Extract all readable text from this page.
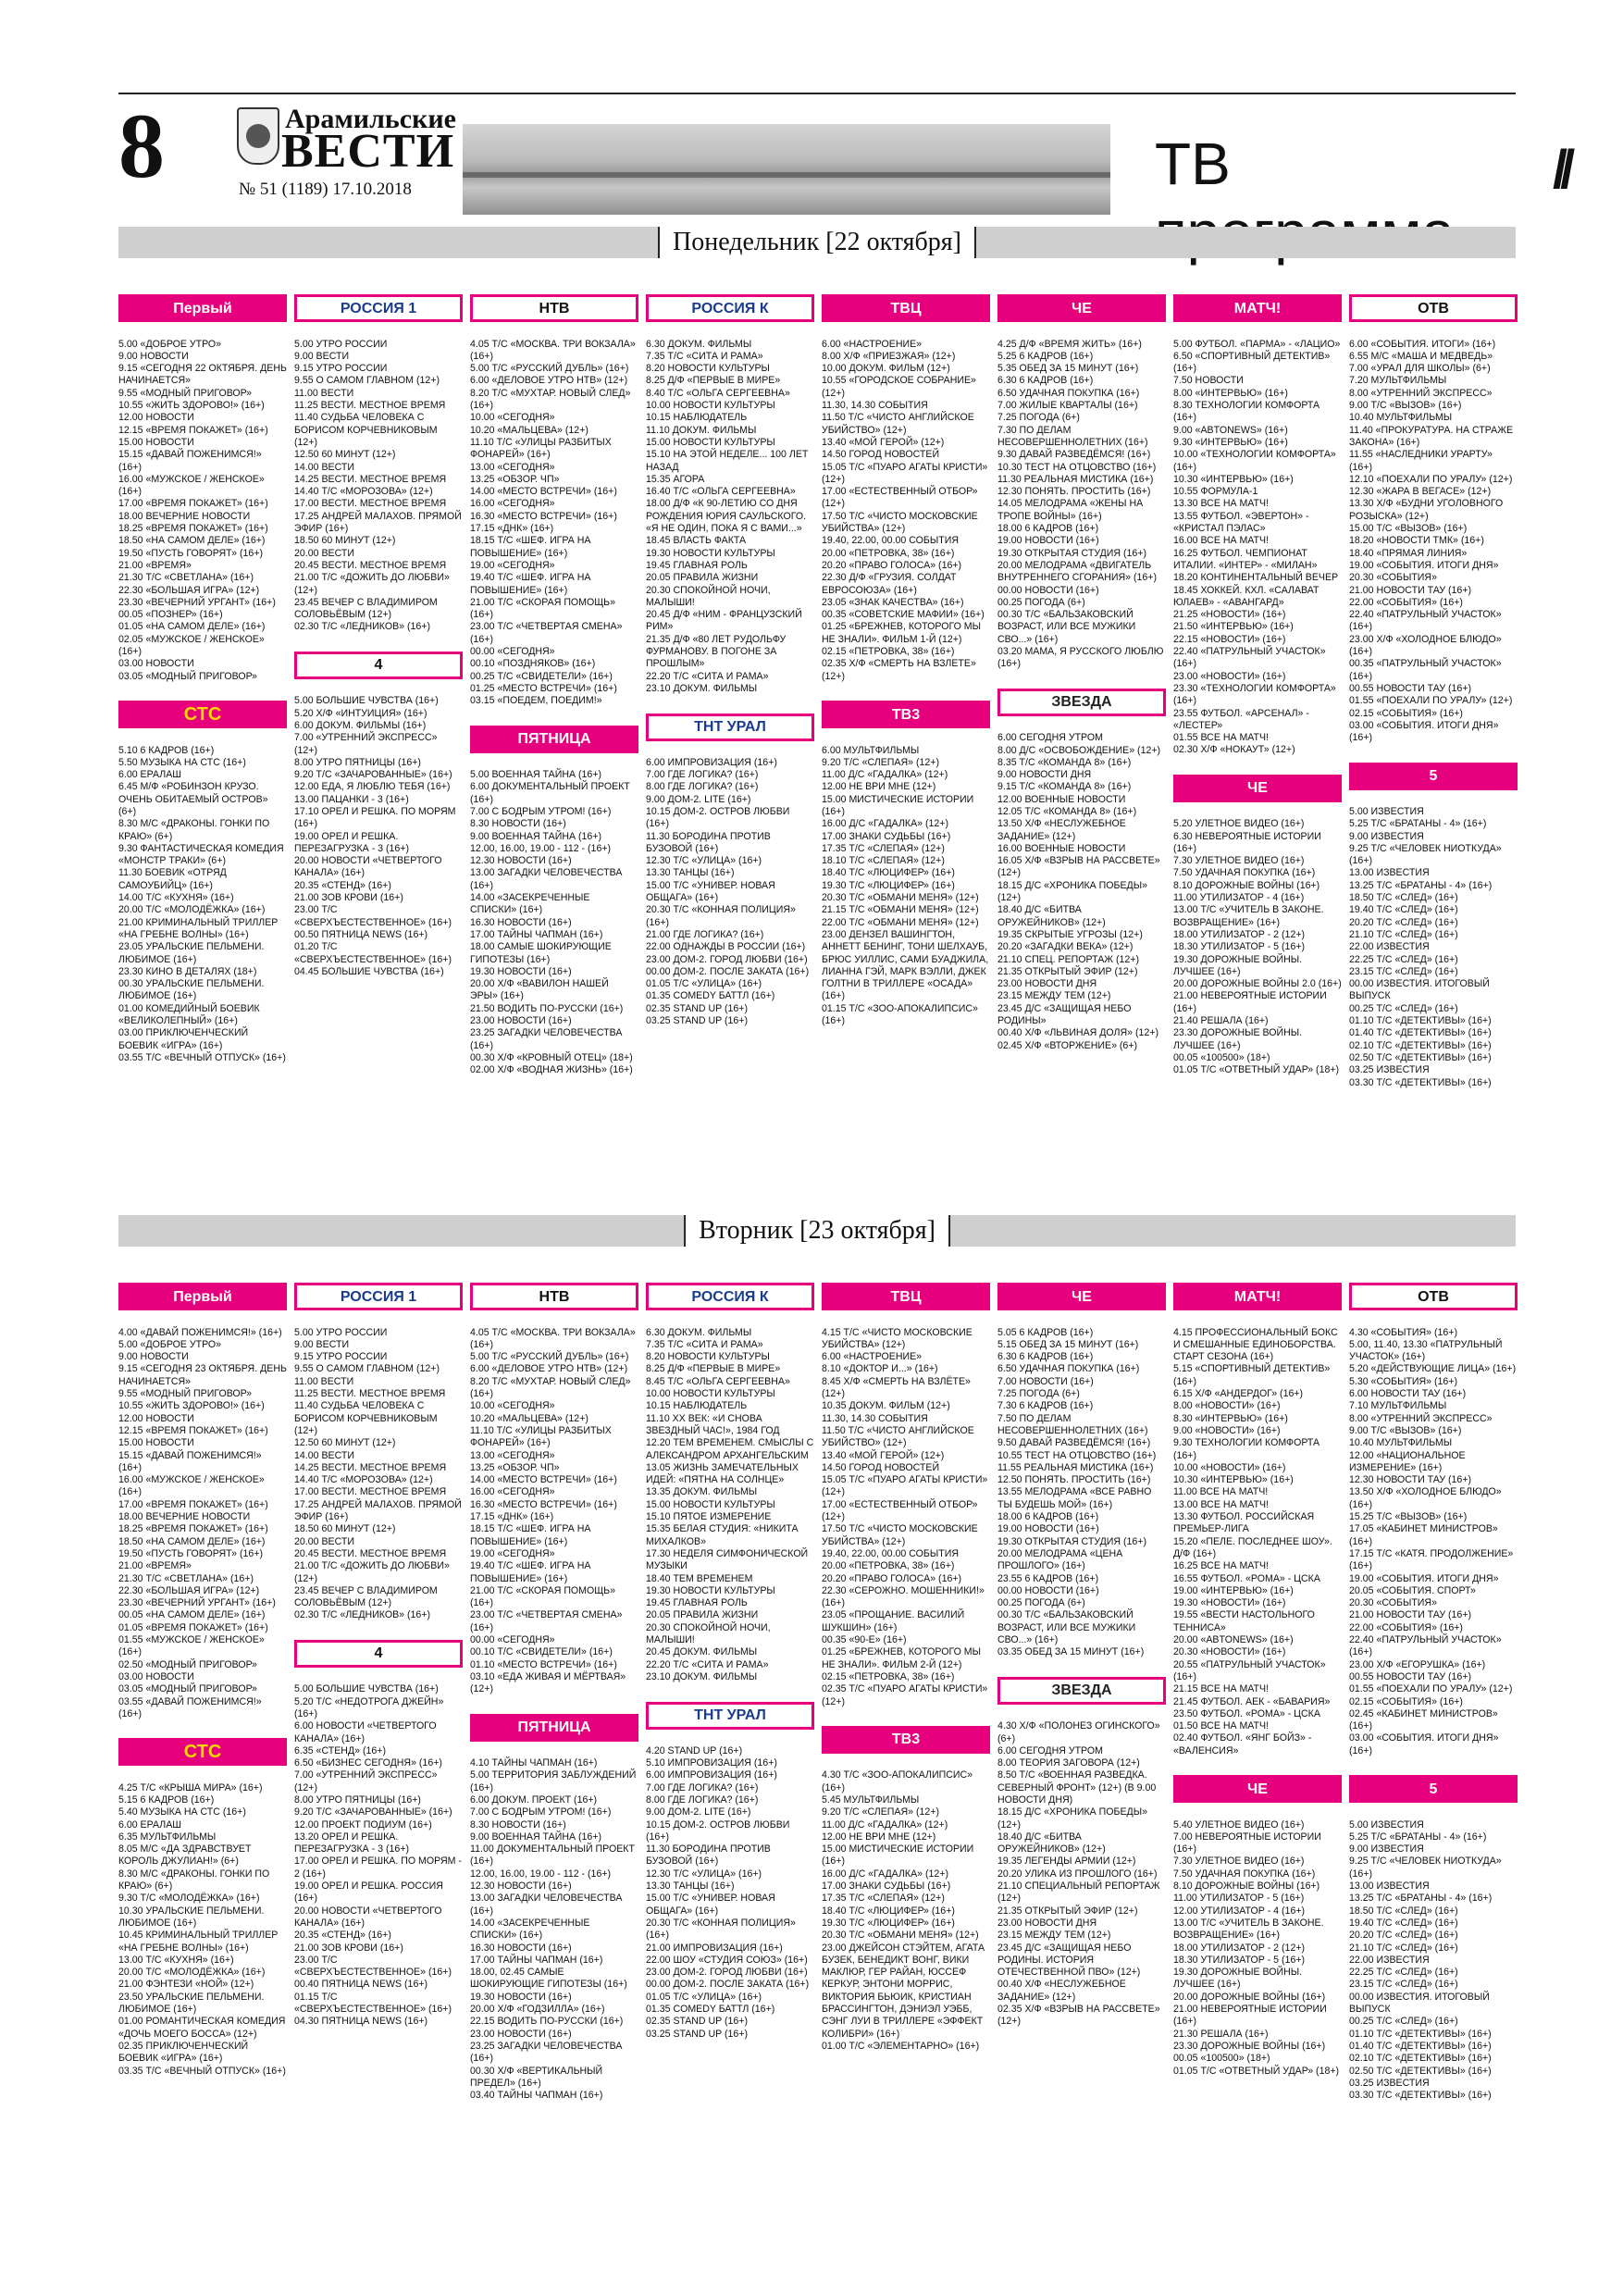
8	Арамильские
ВЕСТИ
№ 51 (1189) 17.10.2018	ТВ	//
Понедельник [22 октября]
Вторник [23 октября]

Первый

5.00 «ДОБРОЕ УТРО»
9.00 НОВОСТИ
9.15 «СЕГОДНЯ 22 ОКТЯБРЯ. ДЕНЬ НАЧИНАЕТСЯ»
9.55 «МОДНЫЙ ПРИГОВОР»
10.55 «ЖИТЬ ЗДОРОВО!» (16+)
12.00 НОВОСТИ
12.15 «ВРЕМЯ ПОКАЖЕТ» (16+)
15.00 НОВОСТИ
15.15 «ДАВАЙ ПОЖЕНИМСЯ!» (16+)
16.00 «МУЖСКОЕ / ЖЕНСКОЕ» (16+)
17.00 «ВРЕМЯ ПОКАЖЕТ» (16+)
18.00 ВЕЧЕРНИЕ НОВОСТИ
18.25 «ВРЕМЯ ПОКАЖЕТ» (16+)
18.50 «НА САМОМ ДЕЛЕ» (16+)
19.50 «ПУСТЬ ГОВОРЯТ» (16+)
21.00 «ВРЕМЯ»
21.30 Т/С «СВЕТЛАНА» (16+)
22.30 «БОЛЬШАЯ ИГРА» (12+)
23.30 «ВЕЧЕРНИЙ УРГАНТ» (16+)
00.05 «ПОЗНЕР» (16+)
01.05 «НА САМОМ ДЕЛЕ» (16+)
02.05 «МУЖСКОЕ / ЖЕНСКОЕ» (16+)
03.00 НОВОСТИ
03.05 «МОДНЫЙ ПРИГОВОР»

СТС

5.10 6 КАДРОВ (16+)
5.50 МУЗЫКА НА СТС (16+)
6.00 ЕРАЛАШ
6.45 М/Ф «РОБИНЗОН КРУЗО. ОЧЕНЬ ОБИТАЕМЫЙ ОСТРОВ» (6+)
8.30 М/С «ДРАКОНЫ. ГОНКИ ПО КРАЮ» (6+)
9.30 ФАНТАСТИЧЕСКАЯ КОМЕДИЯ «МОНСТР ТРАКИ» (6+)
11.30 БОЕВИК «ОТРЯД САМОУБИЙЦ» (16+)
14.00 Т/С «КУХНЯ» (16+)
20.00 Т/С «МОЛОДЁЖКА» (16+)
21.00 КРИМИНАЛЬНЫЙ ТРИЛЛЕР «НА ГРЕБНЕ ВОЛНЫ» (16+)
23.05 УРАЛЬСКИЕ ПЕЛЬМЕНИ. ЛЮБИМОЕ (16+)
23.30 КИНО В ДЕТАЛЯХ (18+)
00.30 УРАЛЬСКИЕ ПЕЛЬМЕНИ. ЛЮБИМОЕ (16+)
01.00 КОМЕДИЙНЫЙ БОЕВИК «ВЕЛИКОЛЕПНЫЙ» (16+)
03.00 ПРИКЛЮЧЕНЧЕСКИЙ БОЕВИК «ИГРА» (16+)
03.55 Т/С «ВЕЧНЫЙ ОТПУСК» (16+)

РОССИЯ 1

5.00 УТРО РОССИИ
9.00 ВЕСТИ
9.15 УТРО РОССИИ
9.55 О САМОМ ГЛАВНОМ (12+)
11.00 ВЕСТИ
11.25 ВЕСТИ. МЕСТНОЕ ВРЕМЯ
11.40 СУДЬБА ЧЕЛОВЕКА С БОРИСОМ КОРЧЕВНИКОВЫМ (12+)
12.50 60 МИНУТ (12+)
14.00 ВЕСТИ
14.25 ВЕСТИ. МЕСТНОЕ ВРЕМЯ
14.40 Т/С «МОРОЗОВА» (12+)
17.00 ВЕСТИ. МЕСТНОЕ ВРЕМЯ
17.25 АНДРЕЙ МАЛАХОВ. ПРЯМОЙ ЭФИР (16+)
18.50 60 МИНУТ (12+)
20.00 ВЕСТИ
20.45 ВЕСТИ. МЕСТНОЕ ВРЕМЯ
21.00 Т/С «ДОЖИТЬ ДО ЛЮБВИ» (12+)
23.45 ВЕЧЕР С ВЛАДИМИРОМ СОЛОВЬЁВЫМ (12+)
02.30 Т/С «ЛЕДНИКОВ» (16+)

4

5.00 БОЛЬШИЕ ЧУВСТВА (16+)
5.20 Х/Ф «ИНТУИЦИЯ» (16+)
6.00 ДОКУМ. ФИЛЬМЫ (16+)
7.00 «УТРЕННИЙ ЭКСПРЕСС» (12+)
8.00 УТРО ПЯТНИЦЫ (16+)
9.20 Т/С «ЗАЧАРОВАННЫЕ» (16+)
12.00 ЕДА, Я ЛЮБЛЮ ТЕБЯ (16+)
13.00 ПАЦАНКИ - 3 (16+)
17.10 ОРЕЛ И РЕШКА. ПО МОРЯМ (16+)
19.00 ОРЕЛ И РЕШКА. ПЕРЕЗАГРУЗКА - 3 (16+)
20.00 НОВОСТИ «ЧЕТВЕРТОГО КАНАЛА» (16+)
20.35 «СТЕНД» (16+)
21.00 ЗОВ КРОВИ (16+)
23.00 Т/С «СВЕРХЪЕСТЕСТВЕННОЕ» (16+)
00.50 ПЯТНИЦА NEWS (16+)
01.20 Т/С «СВЕРХЪЕСТЕСТВЕННОЕ» (16+)
04.45 БОЛЬШИЕ ЧУВСТВА (16+)

НТВ

4.05 Т/С «МОСКВА. ТРИ ВОКЗАЛА» (16+)
5.00 Т/С «РУССКИЙ ДУБЛЬ» (16+)
6.00 «ДЕЛОВОЕ УТРО НТВ» (12+)
8.20 Т/С «МУХТАР. НОВЫЙ СЛЕД» (16+)
10.00 «СЕГОДНЯ»
10.20 «МАЛЬЦЕВА» (12+)
11.10 Т/С «УЛИЦЫ РАЗБИТЫХ ФОНАРЕЙ» (16+)
13.00 «СЕГОДНЯ»
13.25 «ОБЗОР. ЧП»
14.00 «МЕСТО ВСТРЕЧИ» (16+)
16.00 «СЕГОДНЯ»
16.30 «МЕСТО ВСТРЕЧИ» (16+)
17.15 «ДНК» (16+)
18.15 Т/С «ШЕФ. ИГРА НА ПОВЫШЕНИЕ» (16+)
19.00 «СЕГОДНЯ»
19.40 Т/С «ШЕФ. ИГРА НА ПОВЫШЕНИЕ» (16+)
21.00 Т/С «СКОРАЯ ПОМОЩЬ» (16+)
23.00 Т/С «ЧЕТВЕРТАЯ СМЕНА» (16+)
00.00 «СЕГОДНЯ»
00.10 «ПОЗДНЯКОВ» (16+)
00.25 Т/С «СВИДЕТЕЛИ» (16+)
01.25 «МЕСТО ВСТРЕЧИ» (16+)
03.15 «ПОЕДЕМ, ПОЕДИМ!»

ПЯТНИЦА

5.00 ВОЕННАЯ ТАЙНА (16+)
6.00 ДОКУМЕНТАЛЬНЫЙ ПРОЕКТ (16+)
7.00 С БОДРЫМ УТРОМ! (16+)
8.30 НОВОСТИ (16+)
9.00 ВОЕННАЯ ТАЙНА (16+)
12.00, 16.00, 19.00 - 112 - (16+)
12.30 НОВОСТИ (16+)
13.00 ЗАГАДКИ ЧЕЛОВЕЧЕСТВА (16+)
14.00 «ЗАСЕКРЕЧЕННЫЕ СПИСКИ» (16+)
16.30 НОВОСТИ (16+)
17.00 ТАЙНЫ ЧАПМАН (16+)
18.00 САМЫЕ ШОКИРУЮЩИЕ ГИПОТЕЗЫ (16+)
19.30 НОВОСТИ (16+)
20.00 Х/Ф «ВАВИЛОН НАШЕЙ ЭРЫ» (16+)
21.50 ВОДИТЬ ПО-РУССКИ (16+)
23.00 НОВОСТИ (16+)
23.25 ЗАГАДКИ ЧЕЛОВЕЧЕСТВА (16+)
00.30 Х/Ф «КРОВНЫЙ ОТЕЦ» (18+)
02.00 Х/Ф «ВОДНАЯ ЖИЗНЬ» (16+)

РОССИЯ К

6.30 ДОКУМ. ФИЛЬМЫ
7.35 Т/С «СИТА И РАМА»
8.20 НОВОСТИ КУЛЬТУРЫ
8.25 Д/Ф «ПЕРВЫЕ В МИРЕ»
8.40 Т/С «ОЛЬГА СЕРГЕЕВНА»
10.00 НОВОСТИ КУЛЬТУРЫ
10.15 НАБЛЮДАТЕЛЬ
11.10 ДОКУМ. ФИЛЬМЫ
15.00 НОВОСТИ КУЛЬТУРЫ
15.10 НА ЭТОЙ НЕДЕЛЕ... 100 ЛЕТ НАЗАД
15.35 АГОРА
16.40 Т/С «ОЛЬГА СЕРГЕЕВНА»
18.00 Д/Ф «К 90-ЛЕТИЮ СО ДНЯ РОЖДЕНИЯ ЮРИЯ САУЛЬСКОГО. «Я НЕ ОДИН, ПОКА Я С ВАМИ...»
18.45 ВЛАСТЬ ФАКТА
19.30 НОВОСТИ КУЛЬТУРЫ
19.45 ГЛАВНАЯ РОЛЬ
20.05 ПРАВИЛА ЖИЗНИ
20.30 СПОКОЙНОЙ НОЧИ, МАЛЫШИ!
20.45 Д/Ф «НИМ - ФРАНЦУЗСКИЙ РИМ»
21.35 Д/Ф «80 ЛЕТ РУДОЛЬФУ ФУРМАНОВУ. В ПОГОНЕ ЗА ПРОШЛЫМ»
22.20 Т/С «СИТА И РАМА»
23.10 ДОКУМ. ФИЛЬМЫ

ТНТ УРАЛ

6.00 ИМПРОВИЗАЦИЯ (16+)
7.00 ГДЕ ЛОГИКА? (16+)
8.00 ГДЕ ЛОГИКА? (16+)
9.00 ДОМ-2. LITE (16+)
10.15 ДОМ-2. ОСТРОВ ЛЮБВИ (16+)
11.30 БОРОДИНА ПРОТИВ БУЗОВОЙ (16+)
12.30 Т/С «УЛИЦА» (16+)
13.30 ТАНЦЫ (16+)
15.00 Т/С «УНИВЕР. НОВАЯ ОБЩАГА» (16+)
20.30 Т/С «КОННАЯ ПОЛИЦИЯ» (16+)
21.00 ГДЕ ЛОГИКА? (16+)
22.00 ОДНАЖДЫ В РОССИИ (16+)
23.00 ДОМ-2. ГОРОД ЛЮБВИ (16+)
00.00 ДОМ-2. ПОСЛЕ ЗАКАТА (16+)
01.05 Т/С «УЛИЦА» (16+)
01.35 COMEDY БАТТЛ (16+)
02.35 STAND UP (16+)
03.25 STAND UP (16+)

ТВЦ

6.00 «НАСТРОЕНИЕ»
8.00 Х/Ф «ПРИЕЗЖАЯ» (12+)
10.00 ДОКУМ. ФИЛЬМ (12+)
10.55 «ГОРОДСКОЕ СОБРАНИЕ» (12+)
11.30, 14.30 СОБЫТИЯ
11.50 Т/С «ЧИСТО АНГЛИЙСКОЕ УБИЙСТВО» (12+)
13.40 «МОЙ ГЕРОЙ» (12+)
14.50 ГОРОД НОВОСТЕЙ
15.05 Т/С «ПУАРО АГАТЫ КРИСТИ» (12+)
17.00 «ЕСТЕСТВЕННЫЙ ОТБОР» (12+)
17.50 Т/С «ЧИСТО МОСКОВСКИЕ УБИЙСТВА» (12+)
19.40, 22.00, 00.00 СОБЫТИЯ
20.00 «ПЕТРОВКА, 38» (16+)
20.20 «ПРАВО ГОЛОСА» (16+)
22.30 Д/Ф «ГРУЗИЯ. СОЛДАТ ЕВРОСОЮЗА» (16+)
23.05 «ЗНАК КАЧЕСТВА» (16+)
00.35 «СОВЕТСКИЕ МАФИИ» (16+)
01.25 «БРЕЖНЕВ, КОТОРОГО МЫ НЕ ЗНАЛИ». ФИЛЬМ 1-Й (12+)
02.15 «ПЕТРОВКА, 38» (16+)
02.35 Х/Ф «СМЕРТЬ НА ВЗЛЕТЕ» (12+)

ТВ3

6.00 МУЛЬТФИЛЬМЫ
9.20 Т/С «СЛЕПАЯ» (12+)
11.00 Д/С «ГАДАЛКА» (12+)
12.00 НЕ ВРИ МНЕ (12+)
15.00 МИСТИЧЕСКИЕ ИСТОРИИ (16+)
16.00 Д/С «ГАДАЛКА» (12+)
17.00 ЗНАКИ СУДЬБЫ (16+)
17.35 Т/С «СЛЕПАЯ» (12+)
18.10 Т/С «СЛЕПАЯ» (12+)
18.40 Т/С «ЛЮЦИФЕР» (16+)
19.30 Т/С «ЛЮЦИФЕР» (16+)
20.30 Т/С «ОБМАНИ МЕНЯ» (12+)
21.15 Т/С «ОБМАНИ МЕНЯ» (12+)
22.00 Т/С «ОБМАНИ МЕНЯ» (12+)
23.00 ДЕНЗЕЛ ВАШИНГТОН, АННЕТТ БЕНИНГ, ТОНИ ШЕЛХАУБ, БРЮС УИЛЛИС, САМИ БУАДЖИЛА, ЛИАННА ГЭЙ, МАРК ВЭЛЛИ, ДЖЕК ГОЛТНИ В ТРИЛЛЕРЕ «ОСАДА» (16+)
01.15 Т/С «ЗОО-АПОКАЛИПСИС» (16+)

ЧЕ

4.25 Д/Ф «ВРЕМЯ ЖИТЬ» (16+)
5.25 6 КАДРОВ (16+)
5.35 ОБЕД ЗА 15 МИНУТ (16+)
6.30 6 КАДРОВ (16+)
6.50 УДАЧНАЯ ПОКУПКА (16+)
7.00 ЖИЛЫЕ КВАРТАЛЫ (16+)
7.25 ПОГОДА (6+)
7.30 ПО ДЕЛАМ НЕСОВЕРШЕННОЛЕТНИХ (16+)
9.30 ДАВАЙ РАЗВЕДЁМСЯ! (16+)
10.30 ТЕСТ НА ОТЦОВСТВО (16+)
11.30 РЕАЛЬНАЯ МИСТИКА (16+)
12.30 ПОНЯТЬ. ПРОСТИТЬ (16+)
14.05 МЕЛОДРАМА «ЖЕНЫ НА ТРОПЕ ВОЙНЫ» (16+)
18.00 6 КАДРОВ (16+)
19.00 НОВОСТИ (16+)
19.30 ОТКРЫТАЯ СТУДИЯ (16+)
20.00 МЕЛОДРАМА «ДВИГАТЕЛЬ ВНУТРЕННЕГО СГОРАНИЯ» (16+)
00.00 НОВОСТИ (16+)
00.25 ПОГОДА (6+)
00.30 Т/С «БАЛЬЗАКОВСКИЙ ВОЗРАСТ, ИЛИ ВСЕ МУЖИКИ СВО...» (16+)
03.20 МАМА, Я РУССКОГО ЛЮБЛЮ (16+)

ЗВЕЗДА

6.00 СЕГОДНЯ УТРОМ
8.00 Д/С «ОСВОБОЖДЕНИЕ» (12+)
8.35 Т/С «КОМАНДА 8» (16+)
9.00 НОВОСТИ ДНЯ
9.15 Т/С «КОМАНДА 8» (16+)
12.00 ВОЕННЫЕ НОВОСТИ
12.05 Т/С «КОМАНДА 8» (16+)
13.50 Х/Ф «НЕСЛУЖЕБНОЕ ЗАДАНИЕ» (12+)
16.00 ВОЕННЫЕ НОВОСТИ
16.05 Х/Ф «ВЗРЫВ НА РАССВЕТЕ» (12+)
18.15 Д/С «ХРОНИКА ПОБЕДЫ» (12+)
18.40 Д/С «БИТВА ОРУЖЕЙНИКОВ» (12+)
19.35 СКРЫТЫЕ УГРОЗЫ (12+)
20.20 «ЗАГАДКИ ВЕКА» (12+)
21.10 СПЕЦ. РЕПОРТАЖ (12+)
21.35 ОТКРЫТЫЙ ЭФИР (12+)
23.00 НОВОСТИ ДНЯ
23.15 МЕЖДУ ТЕМ (12+)
23.45 Д/С «ЗАЩИЩАЯ НЕБО РОДИНЫ»
00.40 Х/Ф «ЛЬВИНАЯ ДОЛЯ» (12+)
02.45 Х/Ф «ВТОРЖЕНИЕ» (6+)

МАТЧ!

5.00 ФУТБОЛ. «ПАРМА» - «ЛАЦИО»
6.50 «СПОРТИВНЫЙ ДЕТЕКТИВ» (16+)
7.50 НОВОСТИ
8.00 «ИНТЕРВЬЮ» (16+)
8.30 ТЕХНОЛОГИИ КОМФОРТА (16+)
9.00 «ABTONEWS» (16+)
9.30 «ИНТЕРВЬЮ» (16+)
10.00 «ТЕХНОЛОГИИ КОМФОРТА» (16+)
10.30 «ИНТЕРВЬЮ» (16+)
10.55 ФОРМУЛА-1
13.30 ВСЕ НА МАТЧ!
13.55 ФУТБОЛ. «ЭВЕРТОН» - «КРИСТАЛ ПЭЛАС»
16.00 ВСЕ НА МАТЧ!
16.25 ФУТБОЛ. ЧЕМПИОНАТ ИТАЛИИ. «ИНТЕР» - «МИЛАН»
18.20 КОНТИНЕНТАЛЬНЫЙ ВЕЧЕР
18.45 ХОККЕЙ. КХЛ. «САЛАВАТ ЮЛАЕВ» - «АВАНГАРД»
21.25 «НОВОСТИ» (16+)
21.50 «ИНТЕРВЬЮ» (16+)
22.15 «НОВОСТИ» (16+)
22.40 «ПАТРУЛЬНЫЙ УЧАСТОК» (16+)
23.00 «НОВОСТИ» (16+)
23.30 «ТЕХНОЛОГИИ КОМФОРТА» (16+)
23.55 ФУТБОЛ. «АРСЕНАЛ» - «ЛЕСТЕР»
01.55 ВСЕ НА МАТЧ!
02.30 Х/Ф «НОКАУТ» (12+)

ЧЕ

5.20 УЛЕТНОЕ ВИДЕО (16+)
6.30 НЕВЕРОЯТНЫЕ ИСТОРИИ (16+)
7.30 УЛЕТНОЕ ВИДЕО (16+)
7.50 УДАЧНАЯ ПОКУПКА (16+)
8.10 ДОРОЖНЫЕ ВОЙНЫ (16+)
11.00 УТИЛИЗАТОР - 4 (16+)
13.00 Т/С «УЧИТЕЛЬ В ЗАКОНЕ. ВОЗВРАЩЕНИЕ» (16+)
18.00 УТИЛИЗАТОР - 2 (12+)
18.30 УТИЛИЗАТОР - 5 (16+)
19.30 ДОРОЖНЫЕ ВОЙНЫ. ЛУЧШЕЕ (16+)
20.00 ДОРОЖНЫЕ ВОЙНЫ 2.0 (16+)
21.00 НЕВЕРОЯТНЫЕ ИСТОРИИ (16+)
21.40 РЕШАЛА (16+)
23.30 ДОРОЖНЫЕ ВОЙНЫ. ЛУЧШЕЕ (16+)
00.05 «100500» (18+)
01.05 Т/С «ОТВЕТНЫЙ УДАР» (18+)

ОТВ

6.00 «СОБЫТИЯ. ИТОГИ» (16+)
6.55 М/С «МАША И МЕДВЕДЬ»
7.00 «УРАЛ ДЛЯ ШКОЛЫ» (6+)
7.20 МУЛЬТФИЛЬМЫ
8.00 «УТРЕННИЙ ЭКСПРЕСС»
9.00 Т/С «ВЫЗОВ» (16+)
10.40 МУЛЬТФИЛЬМЫ
11.40 «ПРОКУРАТУРА. НА СТРАЖЕ ЗАКОНА» (16+)
11.55 «НАСЛЕДНИКИ УРАРТУ» (16+)
12.10 «ПОЕХАЛИ ПО УРАЛУ» (12+)
12.30 «ЖАРА В ВЕГАСЕ» (12+)
13.30 Х/Ф «БУДНИ УГОЛОВНОГО РОЗЫСКА» (12+)
15.00 Т/С «ВЫЗОВ» (16+)
18.20 «НОВОСТИ ТМК» (16+)
18.40 «ПРЯМАЯ ЛИНИЯ»
19.00 «СОБЫТИЯ. ИТОГИ ДНЯ»
20.30 «СОБЫТИЯ»
21.00 НОВОСТИ ТАУ (16+)
22.00 «СОБЫТИЯ» (16+)
22.40 «ПАТРУЛЬНЫЙ УЧАСТОК» (16+)
23.00 Х/Ф «ХОЛОДНОЕ БЛЮДО» (16+)
00.35 «ПАТРУЛЬНЫЙ УЧАСТОК» (16+)
00.55 НОВОСТИ ТАУ (16+)
01.55 «ПОЕХАЛИ ПО УРАЛУ» (12+)
02.15 «СОБЫТИЯ» (16+)
03.00 «СОБЫТИЯ. ИТОГИ ДНЯ» (16+)

5

5.00 ИЗВЕСТИЯ
5.25 Т/С «БРАТАНЫ - 4» (16+)
9.00 ИЗВЕСТИЯ
9.25 Т/С «ЧЕЛОВЕК НИОТКУДА» (16+)
13.00 ИЗВЕСТИЯ
13.25 Т/С «БРАТАНЫ - 4» (16+)
18.50 Т/С «СЛЕД» (16+)
19.40 Т/С «СЛЕД» (16+)
20.20 Т/С «СЛЕД» (16+)
21.10 Т/С «СЛЕД» (16+)
22.00 ИЗВЕСТИЯ
22.25 Т/С «СЛЕД» (16+)
23.15 Т/С «СЛЕД» (16+)
00.00 ИЗВЕСТИЯ. ИТОГОВЫЙ ВЫПУСК
00.25 Т/С «СЛЕД» (16+)
01.10 Т/С «ДЕТЕКТИВЫ» (16+)
01.40 Т/С «ДЕТЕКТИВЫ» (16+)
02.10 Т/С «ДЕТЕКТИВЫ» (16+)
02.50 Т/С «ДЕТЕКТИВЫ» (16+)
03.25 ИЗВЕСТИЯ
03.30 Т/С «ДЕТЕКТИВЫ» (16+)

Первый

4.00 «ДАВАЙ ПОЖЕНИМСЯ!» (16+)
5.00 «ДОБРОЕ УТРО»
9.00 НОВОСТИ
9.15 «СЕГОДНЯ 23 ОКТЯБРЯ. ДЕНЬ НАЧИНАЕТСЯ»
9.55 «МОДНЫЙ ПРИГОВОР»
10.55 «ЖИТЬ ЗДОРОВО!» (16+)
12.00 НОВОСТИ
12.15 «ВРЕМЯ ПОКАЖЕТ» (16+)
15.00 НОВОСТИ
15.15 «ДАВАЙ ПОЖЕНИМСЯ!» (16+)
16.00 «МУЖСКОЕ / ЖЕНСКОЕ» (16+)
17.00 «ВРЕМЯ ПОКАЖЕТ» (16+)
18.00 ВЕЧЕРНИЕ НОВОСТИ
18.25 «ВРЕМЯ ПОКАЖЕТ» (16+)
18.50 «НА САМОМ ДЕЛЕ» (16+)
19.50 «ПУСТЬ ГОВОРЯТ» (16+)
21.00 «ВРЕМЯ»
21.30 Т/С «СВЕТЛАНА» (16+)
22.30 «БОЛЬШАЯ ИГРА» (12+)
23.30 «ВЕЧЕРНИЙ УРГАНТ» (16+)
00.05 «НА САМОМ ДЕЛЕ» (16+)
01.05 «ВРЕМЯ ПОКАЖЕТ» (16+)
01.55 «МУЖСКОЕ / ЖЕНСКОЕ» (16+)
02.50 «МОДНЫЙ ПРИГОВОР»
03.00 НОВОСТИ
03.05 «МОДНЫЙ ПРИГОВОР»
03.55 «ДАВАЙ ПОЖЕНИМСЯ!» (16+)

СТС

4.25 Т/С «КРЫША МИРА» (16+)
5.15 6 КАДРОВ (16+)
5.40 МУЗЫКА НА СТС (16+)
6.00 ЕРАЛАШ
6.35 МУЛЬТФИЛЬМЫ
8.05 М/С «ДА ЗДРАВСТВУЕТ КОРОЛЬ ДЖУЛИАН!» (6+)
8.30 М/С «ДРАКОНЫ. ГОНКИ ПО КРАЮ» (6+)
9.30 Т/С «МОЛОДЁЖКА» (16+)
10.30 УРАЛЬСКИЕ ПЕЛЬМЕНИ. ЛЮБИМОЕ (16+)
10.45 КРИМИНАЛЬНЫЙ ТРИЛЛЕР «НА ГРЕБНЕ ВОЛНЫ» (16+)
13.00 Т/С «КУХНЯ» (16+)
20.00 Т/С «МОЛОДЁЖКА» (16+)
21.00 ФЭНТЕЗИ «НОЙ» (12+)
23.50 УРАЛЬСКИЕ ПЕЛЬМЕНИ. ЛЮБИМОЕ (16+)
01.00 РОМАНТИЧЕСКАЯ КОМЕДИЯ «ДОЧЬ МОЕГО БОССА» (12+)
02.35 ПРИКЛЮЧЕНЧЕСКИЙ БОЕВИК «ИГРА» (16+)
03.35 Т/С «ВЕЧНЫЙ ОТПУСК» (16+)

РОССИЯ 1

5.00 УТРО РОССИИ
9.00 ВЕСТИ
9.15 УТРО РОССИИ
9.55 О САМОМ ГЛАВНОМ (12+)
11.00 ВЕСТИ
11.25 ВЕСТИ. МЕСТНОЕ ВРЕМЯ
11.40 СУДЬБА ЧЕЛОВЕКА С БОРИСОМ КОРЧЕВНИКОВЫМ (12+)
12.50 60 МИНУТ (12+)
14.00 ВЕСТИ
14.25 ВЕСТИ. МЕСТНОЕ ВРЕМЯ
14.40 Т/С «МОРОЗОВА» (12+)
17.00 ВЕСТИ. МЕСТНОЕ ВРЕМЯ
17.25 АНДРЕЙ МАЛАХОВ. ПРЯМОЙ ЭФИР (16+)
18.50 60 МИНУТ (12+)
20.00 ВЕСТИ
20.45 ВЕСТИ. МЕСТНОЕ ВРЕМЯ
21.00 Т/С «ДОЖИТЬ ДО ЛЮБВИ» (12+)
23.45 ВЕЧЕР С ВЛАДИМИРОМ СОЛОВЬЁВЫМ (12+)
02.30 Т/С «ЛЕДНИКОВ» (16+)

4

5.00 БОЛЬШИЕ ЧУВСТВА (16+)
5.20 Т/С «НЕДОТРОГА ДЖЕЙН» (16+)
6.00 НОВОСТИ «ЧЕТВЕРТОГО КАНАЛА» (16+)
6.35 «СТЕНД» (16+)
6.50 «БИЗНЕС СЕГОДНЯ» (16+)
7.00 «УТРЕННИЙ ЭКСПРЕСС» (12+)
8.00 УТРО ПЯТНИЦЫ (16+)
9.20 Т/С «ЗАЧАРОВАННЫЕ» (16+)
12.00 ПРОЕКТ ПОДИУМ (16+)
13.20 ОРЕЛ И РЕШКА. ПЕРЕЗАГРУЗКА - 3 (16+)
17.00 ОРЕЛ И РЕШКА. ПО МОРЯМ - 2 (16+)
19.00 ОРЕЛ И РЕШКА. РОССИЯ (16+)
20.00 НОВОСТИ «ЧЕТВЕРТОГО КАНАЛА» (16+)
20.35 «СТЕНД» (16+)
21.00 ЗОВ КРОВИ (16+)
23.00 Т/С «СВЕРХЪЕСТЕСТВЕННОЕ» (16+)
00.40 ПЯТНИЦА NEWS (16+)
01.15 Т/С «СВЕРХЪЕСТЕСТВЕННОЕ» (16+)
04.30 ПЯТНИЦА NEWS (16+)

НТВ

4.05 Т/С «МОСКВА. ТРИ ВОКЗАЛА» (16+)
5.00 Т/С «РУССКИЙ ДУБЛЬ» (16+)
6.00 «ДЕЛОВОЕ УТРО НТВ» (12+)
8.20 Т/С «МУХТАР. НОВЫЙ СЛЕД» (16+)
10.00 «СЕГОДНЯ»
10.20 «МАЛЬЦЕВА» (12+)
11.10 Т/С «УЛИЦЫ РАЗБИТЫХ ФОНАРЕЙ» (16+)
13.00 «СЕГОДНЯ»
13.25 «ОБЗОР. ЧП»
14.00 «МЕСТО ВСТРЕЧИ» (16+)
16.00 «СЕГОДНЯ»
16.30 «МЕСТО ВСТРЕЧИ» (16+)
17.15 «ДНК» (16+)
18.15 Т/С «ШЕФ. ИГРА НА ПОВЫШЕНИЕ» (16+)
19.00 «СЕГОДНЯ»
19.40 Т/С «ШЕФ. ИГРА НА ПОВЫШЕНИЕ» (16+)
21.00 Т/С «СКОРАЯ ПОМОЩЬ» (16+)
23.00 Т/С «ЧЕТВЕРТАЯ СМЕНА» (16+)
00.00 «СЕГОДНЯ»
00.10 Т/С «СВИДЕТЕЛИ» (16+)
01.10 «МЕСТО ВСТРЕЧИ» (16+)
03.10 «ЕДА ЖИВАЯ И МЁРТВАЯ» (12+)

ПЯТНИЦА

4.10 ТАЙНЫ ЧАПМАН (16+)
5.00 ТЕРРИТОРИЯ ЗАБЛУЖДЕНИЙ (16+)
6.00 ДОКУМ. ПРОЕКТ (16+)
7.00 С БОДРЫМ УТРОМ! (16+)
8.30 НОВОСТИ (16+)
9.00 ВОЕННАЯ ТАЙНА (16+)
11.00 ДОКУМЕНТАЛЬНЫЙ ПРОЕКТ (16+)
12.00, 16.00, 19.00 - 112 - (16+)
12.30 НОВОСТИ (16+)
13.00 ЗАГАДКИ ЧЕЛОВЕЧЕСТВА (16+)
14.00 «ЗАСЕКРЕЧЕННЫЕ СПИСКИ» (16+)
16.30 НОВОСТИ (16+)
17.00 ТАЙНЫ ЧАПМАН (16+)
18.00, 02.45 САМЫЕ ШОКИРУЮЩИЕ ГИПОТЕЗЫ (16+)
19.30 НОВОСТИ (16+)
20.00 Х/Ф «ГОДЗИЛЛА» (16+)
22.15 ВОДИТЬ ПО-РУССКИ (16+)
23.00 НОВОСТИ (16+)
23.25 ЗАГАДКИ ЧЕЛОВЕЧЕСТВА (16+)
00.30 Х/Ф «ВЕРТИКАЛЬНЫЙ ПРЕДЕЛ» (16+)
03.40 ТАЙНЫ ЧАПМАН (16+)

РОССИЯ К

6.30 ДОКУМ. ФИЛЬМЫ
7.35 Т/С «СИТА И РАМА»
8.20 НОВОСТИ КУЛЬТУРЫ
8.25 Д/Ф «ПЕРВЫЕ В МИРЕ»
8.45 Т/С «ОЛЬГА СЕРГЕЕВНА»
10.00 НОВОСТИ КУЛЬТУРЫ
10.15 НАБЛЮДАТЕЛЬ
11.10 XX ВЕК: «И СНОВА ЗВЕЗДНЫЙ ЧАС!», 1984 ГОД
12.20 ТЕМ ВРЕМЕНЕМ. СМЫСЛЫ С АЛЕКСАНДРОМ АРХАНГЕЛЬСКИМ
13.05 ЖИЗНЬ ЗАМЕЧАТЕЛЬНЫХ ИДЕЙ: «ПЯТНА НА СОЛНЦЕ»
13.35 ДОКУМ. ФИЛЬМЫ
15.00 НОВОСТИ КУЛЬТУРЫ
15.10 ПЯТОЕ ИЗМЕРЕНИЕ
15.35 БЕЛАЯ СТУДИЯ: «НИКИТА МИХАЛКОВ»
17.30 НЕДЕЛЯ СИМФОНИЧЕСКОЙ МУЗЫКИ
18.40 ТЕМ ВРЕМЕНЕМ
19.30 НОВОСТИ КУЛЬТУРЫ
19.45 ГЛАВНАЯ РОЛЬ
20.05 ПРАВИЛА ЖИЗНИ
20.30 СПОКОЙНОЙ НОЧИ, МАЛЫШИ!
20.45 ДОКУМ. ФИЛЬМЫ
22.20 Т/С «СИТА И РАМА»
23.10 ДОКУМ. ФИЛЬМЫ

ТНТ УРАЛ

4.20 STAND UP (16+)
5.10 ИМПРОВИЗАЦИЯ (16+)
6.00 ИМПРОВИЗАЦИЯ (16+)
7.00 ГДЕ ЛОГИКА? (16+)
8.00 ГДЕ ЛОГИКА? (16+)
9.00 ДОМ-2. LITE (16+)
10.15 ДОМ-2. ОСТРОВ ЛЮБВИ (16+)
11.30 БОРОДИНА ПРОТИВ БУЗОВОЙ (16+)
12.30 Т/С «УЛИЦА» (16+)
13.30 ТАНЦЫ (16+)
15.00 Т/С «УНИВЕР. НОВАЯ ОБЩАГА» (16+)
20.30 Т/С «КОННАЯ ПОЛИЦИЯ» (16+)
21.00 ИМПРОВИЗАЦИЯ (16+)
22.00 ШОУ «СТУДИЯ СОЮЗ» (16+)
23.00 ДОМ-2. ГОРОД ЛЮБВИ (16+)
00.00 ДОМ-2. ПОСЛЕ ЗАКАТА (16+)
01.05 Т/С «УЛИЦА» (16+)
01.35 COMEDY БАТТЛ (16+)
02.35 STAND UP (16+)
03.25 STAND UP (16+)

ТВЦ

4.15 Т/С «ЧИСТО МОСКОВСКИЕ УБИЙСТВА» (12+)
6.00 «НАСТРОЕНИЕ»
8.10 «ДОКТОР И...» (16+)
8.45 Х/Ф «СМЕРТЬ НА ВЗЛЁТЕ» (12+)
10.35 ДОКУМ. ФИЛЬМ (12+)
11.30, 14.30 СОБЫТИЯ
11.50 Т/С «ЧИСТО АНГЛИЙСКОЕ УБИЙСТВО» (12+)
13.40 «МОЙ ГЕРОЙ» (12+)
14.50 ГОРОД НОВОСТЕЙ
15.05 Т/С «ПУАРО АГАТЫ КРИСТИ» (12+)
17.00 «ЕСТЕСТВЕННЫЙ ОТБОР» (12+)
17.50 Т/С «ЧИСТО МОСКОВСКИЕ УБИЙСТВА» (12+)
19.40, 22.00, 00.00 СОБЫТИЯ
20.00 «ПЕТРОВКА, 38» (16+)
20.20 «ПРАВО ГОЛОСА» (16+)
22.30 «СЕРОЖНО. МОШЕННИКИ!» (16+)
23.05 «ПРОЩАНИЕ. ВАСИЛИЙ ШУКШИН» (16+)
00.35 «90-Е» (16+)
01.25 «БРЕЖНЕВ, КОТОРОГО МЫ НЕ ЗНАЛИ». ФИЛЬМ 2-Й (12+)
02.15 «ПЕТРОВКА, 38» (16+)
02.35 Т/С «ПУАРО АГАТЫ КРИСТИ» (12+)

ТВ3

4.30 Т/С «ЗОО-АПОКАЛИПСИС» (16+)
5.45 МУЛЬТФИЛЬМЫ
9.20 Т/С «СЛЕПАЯ» (12+)
11.00 Д/С «ГАДАЛКА» (12+)
12.00 НЕ ВРИ МНЕ (12+)
15.00 МИСТИЧЕСКИЕ ИСТОРИИ (16+)
16.00 Д/С «ГАДАЛКА» (12+)
17.00 ЗНАКИ СУДЬБЫ (16+)
17.35 Т/С «СЛЕПАЯ» (12+)
18.40 Т/С «ЛЮЦИФЕР» (16+)
19.30 Т/С «ЛЮЦИФЕР» (16+)
20.30 Т/С «ОБМАНИ МЕНЯ» (12+)
23.00 ДЖЕЙСОН СТЭЙТЕМ, АГАТА БУЗЕК, БЕНЕДИКТ ВОНГ, ВИКИ МАКЛЮР, ГЕР РАЙАН, ЮССЕФ КЕРКУР, ЭНТОНИ МОРРИС, ВИКТОРИЯ БЬЮИК, КРИСТИАН БРАССИНГТОН, ДЭНИЭЛ УЭББ, СЭНГ ЛУИ В ТРИЛЛЕРЕ «ЭФФЕКТ КОЛИБРИ» (16+)
01.00 Т/С «ЭЛЕМЕНТАРНО» (16+)

ЧЕ

5.05 6 КАДРОВ (16+)
5.15 ОБЕД ЗА 15 МИНУТ (16+)
6.30 6 КАДРОВ (16+)
6.50 УДАЧНАЯ ПОКУПКА (16+)
7.00 НОВОСТИ (16+)
7.25 ПОГОДА (6+)
7.30 6 КАДРОВ (16+)
7.50 ПО ДЕЛАМ НЕСОВЕРШЕННОЛЕТНИХ (16+)
9.50 ДАВАЙ РАЗВЕДЁМСЯ! (16+)
10.55 ТЕСТ НА ОТЦОВСТВО (16+)
11.55 РЕАЛЬНАЯ МИСТИКА (16+)
12.50 ПОНЯТЬ. ПРОСТИТЬ (16+)
13.55 МЕЛОДРАМА «ВСЕ РАВНО ТЫ БУДЕШЬ МОЙ» (16+)
18.00 6 КАДРОВ (16+)
19.00 НОВОСТИ (16+)
19.30 ОТКРЫТАЯ СТУДИЯ (16+)
20.00 МЕЛОДРАМА «ЦЕНА ПРОШЛОГО» (16+)
23.55 6 КАДРОВ (16+)
00.00 НОВОСТИ (16+)
00.25 ПОГОДА (6+)
00.30 Т/С «БАЛЬЗАКОВСКИЙ ВОЗРАСТ, ИЛИ ВСЕ МУЖИКИ СВО...» (16+)
03.35 ОБЕД ЗА 15 МИНУТ (16+)

ЗВЕЗДА

4.30 Х/Ф «ПОЛОНЕЗ ОГИНСКОГО» (6+)
6.00 СЕГОДНЯ УТРОМ
8.00 ТЕОРИЯ ЗАГОВОРА (12+)
8.50 Т/С «ВОЕННАЯ РАЗВЕДКА. СЕВЕРНЫЙ ФРОНТ» (12+) (В 9.00 НОВОСТИ ДНЯ)
18.15 Д/С «ХРОНИКА ПОБЕДЫ» (12+)
18.40 Д/С «БИТВА ОРУЖЕЙНИКОВ» (12+)
19.35 ЛЕГЕНДЫ АРМИИ (12+)
20.20 УЛИКА ИЗ ПРОШЛОГО (16+)
21.10 СПЕЦИАЛЬНЫЙ РЕПОРТАЖ (12+)
21.35 ОТКРЫТЫЙ ЭФИР (12+)
23.00 НОВОСТИ ДНЯ
23.15 МЕЖДУ ТЕМ (12+)
23.45 Д/С «ЗАЩИЩАЯ НЕБО РОДИНЫ. ИСТОРИЯ ОТЕЧЕСТВЕННОЙ ПВО» (12+)
00.40 Х/Ф «НЕСЛУЖЕБНОЕ ЗАДАНИЕ» (12+)
02.35 Х/Ф «ВЗРЫВ НА РАССВЕТЕ» (12+)

МАТЧ!

4.15 ПРОФЕССИОНАЛЬНЫЙ БОКС И СМЕШАННЫЕ ЕДИНОБОРСТВА. СТАРТ СЕЗОНА (16+)
5.15 «СПОРТИВНЫЙ ДЕТЕКТИВ» (16+)
6.15 Х/Ф «АНДЕРДОГ» (16+)
8.00 «НОВОСТИ» (16+)
8.30 «ИНТЕРВЬЮ» (16+)
9.00 «НОВОСТИ» (16+)
9.30 ТЕХНОЛОГИИ КОМФОРТА (16+)
10.00 «НОВОСТИ» (16+)
10.30 «ИНТЕРВЬЮ» (16+)
11.00 ВСЕ НА МАТЧ!
13.00 ВСЕ НА МАТЧ!
13.30 ФУТБОЛ. РОССИЙСКАЯ ПРЕМЬЕР-ЛИГА
15.20 «ПЕЛЕ. ПОСЛЕДНЕЕ ШОУ». Д/Ф (16+)
16.25 ВСЕ НА МАТЧ!
16.55 ФУТБОЛ. «РОМА» - ЦСКА
19.00 «ИНТЕРВЬЮ» (16+)
19.30 «НОВОСТИ» (16+)
19.55 «ВЕСТИ НАСТОЛЬНОГО ТЕННИСА»
20.00 «ABTONEWS» (16+)
20.30 «НОВОСТИ» (16+)
20.55 «ПАТРУЛЬНЫЙ УЧАСТОК» (16+)
21.15 ВСЕ НА МАТЧ!
21.45 ФУТБОЛ. АЕК - «БАВАРИЯ»
23.50 ФУТБОЛ. «РОМА» - ЦСКА
01.50 ВСЕ НА МАТЧ!
02.40 ФУТБОЛ. «ЯНГ БОЙЗ» - «ВАЛЕНСИЯ»

ЧЕ

5.40 УЛЕТНОЕ ВИДЕО (16+)
7.00 НЕВЕРОЯТНЫЕ ИСТОРИИ (16+)
7.30 УЛЕТНОЕ ВИДЕО (16+)
7.50 УДАЧНАЯ ПОКУПКА (16+)
8.10 ДОРОЖНЫЕ ВОЙНЫ (16+)
11.00 УТИЛИЗАТОР - 5 (16+)
12.00 УТИЛИЗАТОР - 4 (16+)
13.00 Т/С «УЧИТЕЛЬ В ЗАКОНЕ. ВОЗВРАЩЕНИЕ» (16+)
18.00 УТИЛИЗАТОР - 2 (12+)
18.30 УТИЛИЗАТОР - 5 (16+)
19.30 ДОРОЖНЫЕ ВОЙНЫ. ЛУЧШЕЕ (16+)
20.00 ДОРОЖНЫЕ ВОЙНЫ (16+)
21.00 НЕВЕРОЯТНЫЕ ИСТОРИИ (16+)
21.30 РЕШАЛА (16+)
23.30 ДОРОЖНЫЕ ВОЙНЫ (16+)
00.05 «100500» (18+)
01.05 Т/С «ОТВЕТНЫЙ УДАР» (18+)

ОТВ

4.30 «СОБЫТИЯ» (16+)
5.00, 11.40, 13.30 «ПАТРУЛЬНЫЙ УЧАСТОК» (16+)
5.20 «ДЕЙСТВУЮЩИЕ ЛИЦА» (16+)
5.30 «СОБЫТИЯ» (16+)
6.00 НОВОСТИ ТАУ (16+)
7.10 МУЛЬТФИЛЬМЫ
8.00 «УТРЕННИЙ ЭКСПРЕСС»
9.00 Т/С «ВЫЗОВ» (16+)
10.40 МУЛЬТФИЛЬМЫ
12.00 «НАЦИОНАЛЬНОЕ ИЗМЕРЕНИЕ» (16+)
12.30 НОВОСТИ ТАУ (16+)
13.50 Х/Ф «ХОЛОДНОЕ БЛЮДО» (16+)
15.25 Т/С «ВЫЗОВ» (16+)
17.05 «КАБИНЕТ МИНИСТРОВ» (16+)
17.15 Т/С «КАТЯ. ПРОДОЛЖЕНИЕ» (16+)
19.00 «СОБЫТИЯ. ИТОГИ ДНЯ»
20.05 «СОБЫТИЯ. СПОРТ»
20.30 «СОБЫТИЯ»
21.00 НОВОСТИ ТАУ (16+)
22.00 «СОБЫТИЯ» (16+)
22.40 «ПАТРУЛЬНЫЙ УЧАСТОК» (16+)
23.00 Х/Ф «ЕГОРУШКА» (16+)
00.55 НОВОСТИ ТАУ (16+)
01.55 «ПОЕХАЛИ ПО УРАЛУ» (12+)
02.15 «СОБЫТИЯ» (16+)
02.45 «КАБИНЕТ МИНИСТРОВ» (16+)
03.00 «СОБЫТИЯ. ИТОГИ ДНЯ» (16+)

5

5.00 ИЗВЕСТИЯ
5.25 Т/С «БРАТАНЫ - 4» (16+)
9.00 ИЗВЕСТИЯ
9.25 Т/С «ЧЕЛОВЕК НИОТКУДА» (16+)
13.00 ИЗВЕСТИЯ
13.25 Т/С «БРАТАНЫ - 4» (16+)
18.50 Т/С «СЛЕД» (16+)
19.40 Т/С «СЛЕД» (16+)
20.20 Т/С «СЛЕД» (16+)
21.10 Т/С «СЛЕД» (16+)
22.00 ИЗВЕСТИЯ
22.25 Т/С «СЛЕД» (16+)
23.15 Т/С «СЛЕД» (16+)
00.00 ИЗВЕСТИЯ. ИТОГОВЫЙ ВЫПУСК
00.25 Т/С «СЛЕД» (16+)
01.10 Т/С «ДЕТЕКТИВЫ» (16+)
01.40 Т/С «ДЕТЕКТИВЫ» (16+)
02.10 Т/С «ДЕТЕКТИВЫ» (16+)
02.50 Т/С «ДЕТЕКТИВЫ» (16+)
03.25 ИЗВЕСТИЯ
03.30 Т/С «ДЕТЕКТИВЫ» (16+)
